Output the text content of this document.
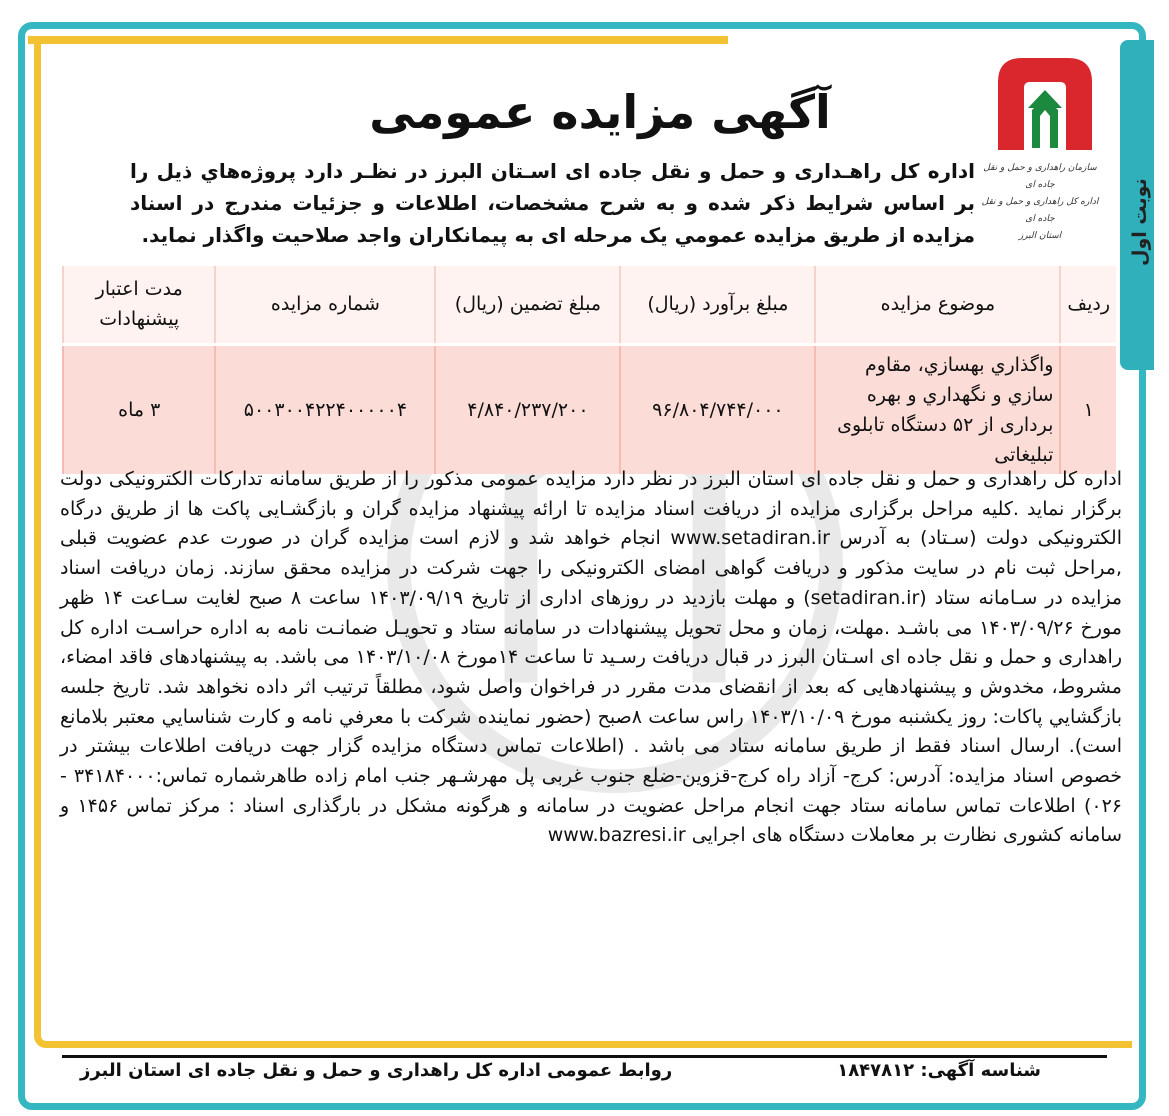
نوبت اول
سازمان راهداری و حمل و نقل جاده ای
اداره کل راهداری و حمل و نقل جاده ای
استان البرز
آگهی مزایده عمومی
اداره کل راهـداری و حمل و نقل جاده ای اسـتان البرز در نظـر دارد پروژه‌هاي ذیل را بر اساس شرايط ذکر شده و به شرح مشخصات، اطلاعات و جزئيات مندرج در اسناد مزايده از طريق مزايده عمومي يک مرحله ای به پيمانکاران واجد صلاحيت واگذار نمايد.
ردیف	موضوع مزایده	مبلغ برآورد (ریال)	مبلغ تضمین (ریال)	شماره مزایده	مدت اعتبار پیشنهادات
۱	واگذاري بهسازي، مقاوم سازي و نگهداري و بهره برداری از ۵۲ دستگاه تابلوی تبلیغاتی	۹۶/۸۰۴/۷۴۴/۰۰۰	۴/۸۴۰/۲۳۷/۲۰۰	۵۰۰۳۰۰۴۲۲۴۰۰۰۰۰۴	۳ ماه
اداره کل راهداری و حمل و نقل جاده ای استان البرز در نظر دارد مزایده عمومی مذکور را از طریق سامانه تدارکات الکترونیکی دولت برگزار نماید .کلیه مراحل برگزاری مزایده از دریافت اسناد مزایده تا ارائه پیشنهاد مزایده گران و بازگشـایی پاکت ها از طریق درگاه الکترونیکی دولت (سـتاد) به آدرس www.setadiran.ir انجام خواهد شد و لازم است مزایده گران در صورت عدم عضویت قبلی ,مراحل ثبت نام در سایت مذکور و دریافت گواهی امضای الکترونیکی را جهت شرکت در مزایده محقق سازند. زمان دریافت اسناد مزایده در سـامانه ستاد (setadiran.ir) و مهلت بازدید در روزهای اداری از تاریخ ۱۴۰۳/۰۹/۱۹ ساعت ۸ صبح لغایت سـاعت ۱۴ ظهر مورخ ۱۴۰۳/۰۹/۲۶ می باشـد .مهلت، زمان و محل تحویل پیشنهادات در سامانه ستاد و تحویـل ضمانـت نامه به اداره حراسـت اداره کل راهداری و حمل و نقل جاده ای اسـتان البرز در قبال دریافت رسـید تا ساعت ۱۴مورخ ۱۴۰۳/۱۰/۰۸ می باشد. به پیشنهادهای فاقد امضاء، مشروط، مخدوش و پیشنهادهایی که بعد از انقضای مدت مقرر در فراخوان واصل شود، مطلقاً ترتیب اثر داده نخواهد شد. تاریخ جلسه بازگشايي پاکات: روز یکشنبه مورخ ۱۴۰۳/۱۰/۰۹ راس ساعت ۸صبح (حضور نماینده شرکت با معرفي نامه و کارت شناسايي معتبر بلامانع است). ارسال اسناد فقط از طريق سامانه ستاد می باشد . (اطلاعات تماس دستگاه مزايده گزار جهت دریافت اطلاعات بیشتر در خصوص اسناد مزايده: آدرس: کرج- آزاد راه کرج-قزوین-ضلع جنوب غربی پل مهرشـهر جنب امام زاده طاهرشماره تماس:۳۴۱۸۴۰۰۰ - ۰۲۶) اطلاعات تماس سامانه ستاد جهت انجام مراحل عضویت در سامانه و هرگونه مشکل در بارگذاری اسناد : مرکز تماس ۱۴۵۶ و سامانه کشوری نظارت بر معاملات دستگاه های اجرایی www.bazresi.ir
شناسه آگهی: ۱۸۴۷۸۱۲
روابط عمومی اداره کل راهداری و حمل و نقل جاده ای استان البرز
